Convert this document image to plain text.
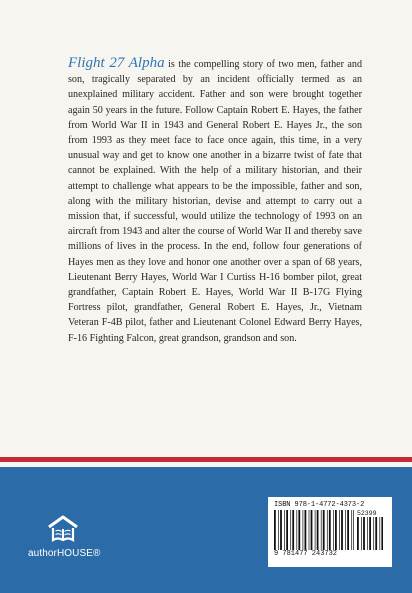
Flight 27 Alpha is the compelling story of two men, father and son, tragically separated by an incident officially termed as an unexplained military accident. Father and son were brought together again 50 years in the future. Follow Captain Robert E. Hayes, the father from World War II in 1943 and General Robert E. Hayes Jr., the son from 1993 as they meet face to face once again, this time, in a very unusual way and get to know one another in a bizarre twist of fate that cannot be explained. With the help of a military historian, and their attempt to challenge what appears to be the impossible, father and son, along with the military historian, devise and attempt to carry out a mission that, if successful, would utilize the technology of 1993 on an aircraft from 1943 and alter the course of World War II and thereby save millions of lives in the process. In the end, follow four generations of Hayes men as they love and honor one another over a span of 68 years, Lieutenant Berry Hayes, World War I Curtiss H-16 bomber pilot, great grandfather, Captain Robert E. Hayes, World War II B-17G Flying Fortress pilot, grandfather, General Robert E. Hayes, Jr., Vietnam Veteran F-4B pilot, father and Lieutenant Colonel Edward Berry Hayes, F-16 Fighting Falcon, great grandson, grandson and son.
authorHOUSE®
ISBN 978-1-4772-4373-2
52399
9 781477 243732
